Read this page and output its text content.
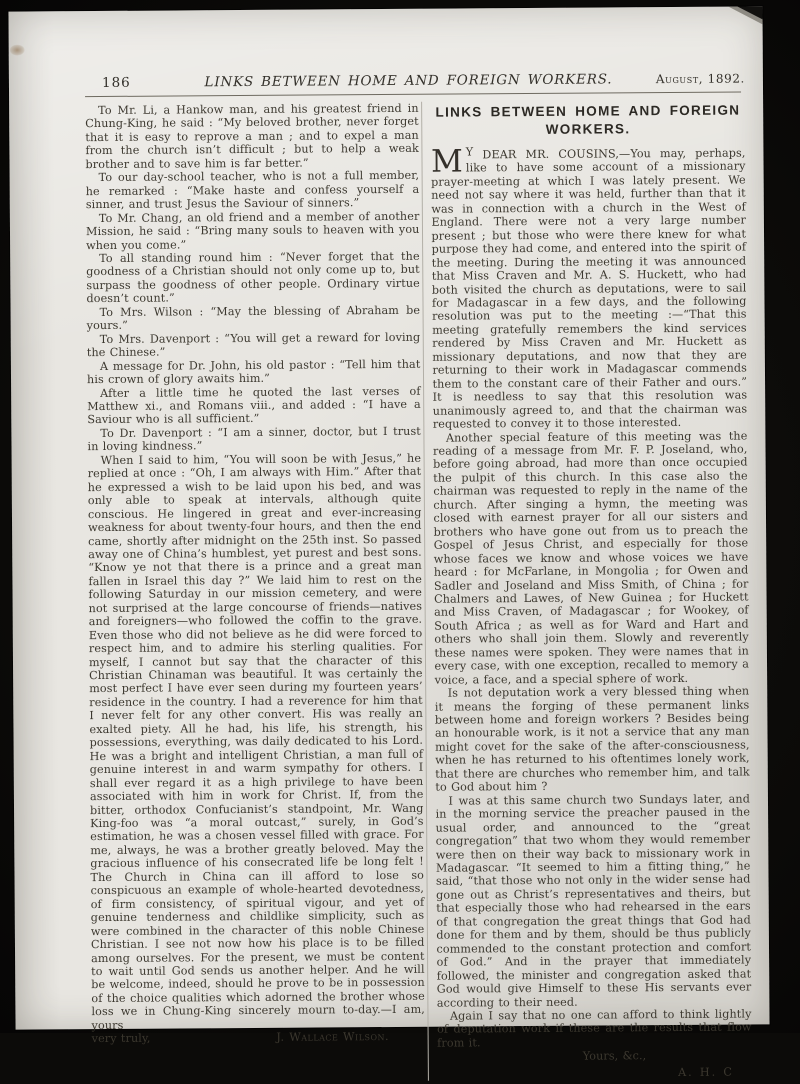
186	LINKS BETWEEN HOME AND FOREIGN WORKERS.	August, 1892.

To Mr. Li, a Hankow man, and his greatest friend in Chung-King, he said : “My beloved brother, never forget that it is easy to reprove a man ; and to expel a man from the church isn’t difficult ; but to help a weak brother and to save him is far better.”

To our day-school teacher, who is not a full member, he remarked : “Make haste and confess yourself a sinner, and trust Jesus the Saviour of sinners.”

To Mr. Chang, an old friend and a member of another Mission, he said : “Bring many souls to heaven with you when you come.”

To all standing round him : “Never forget that the goodness of a Christian should not only come up to, but surpass the goodness of other people. Ordinary virtue doesn’t count.”

To Mrs. Wilson : “May the blessing of Abraham be yours.”

To Mrs. Davenport : “You will get a reward for loving the Chinese.”

A message for Dr. John, his old pastor : “Tell him that his crown of glory awaits him.”

After a little time he quoted the last verses of Matthew xi., and Romans viii., and added : “I have a Saviour who is all sufficient.”

To Dr. Davenport : “I am a sinner, doctor, but I trust in loving kindness.”

When I said to him, “You will soon be with Jesus,” he replied at once : “Oh, I am always with Him.” After that he expressed a wish to be laid upon his bed, and was only able to speak at intervals, although quite conscious. He lingered in great and ever-increasing weakness for about twenty-four hours, and then the end came, shortly after midnight on the 25th inst. So passed away one of China’s humblest, yet purest and best sons. “Know ye not that there is a prince and a great man fallen in Israel this day ?” We laid him to rest on the following Saturday in our mission cemetery, and were not surprised at the large concourse of friends—natives and foreigners—who followed the coffin to the grave. Even those who did not believe as he did were forced to respect him, and to admire his sterling qualities. For myself, I cannot but say that the character of this Christian Chinaman was beautiful. It was certainly the most perfect I have ever seen during my fourteen years’ residence in the country. I had a reverence for him that I never felt for any other convert. His was really an exalted piety. All he had, his life, his strength, his possessions, everything, was daily dedicated to his Lord. He was a bright and intelligent Christian, a man full of genuine interest in and warm sympathy for others. I shall ever regard it as a high privilege to have been associated with him in work for Christ. If, from the bitter, orthodox Confucianist’s standpoint, Mr. Wang King-foo was “a moral outcast,” surely, in God’s estimation, he was a chosen vessel filled with grace. For me, always, he was a brother greatly beloved. May the gracious influence of his consecrated life be long felt ! The Church in China can ill afford to lose so conspicuous an example of whole-hearted devotedness, of firm consistency, of spiritual vigour, and yet of genuine tenderness and childlike simplicity, such as were combined in the character of this noble Chinese Christian. I see not now how his place is to be filled among ourselves. For the present, we must be content to wait until God sends us another helper. And he will be welcome, indeed, should he prove to be in possession of the choice qualities which adorned the brother whose loss we in Chung-King sincerely mourn to-day.—I am, yours

very truly,	J. Wallace Wilson.
LINKS BETWEEN HOME AND FOREIGN WORKERS.

M Y DEAR MR. COUSINS,—You may, perhaps, like to have some account of a missionary prayer-meeting at which I was lately present. We need not say where it was held, further than that it was in connection with a church in the West of England. There were not a very large number present ; but those who were there knew for what purpose they had come, and entered into the spirit of the meeting. During the meeting it was announced that Miss Craven and Mr. A. S. Huckett, who had both visited the church as deputations, were to sail for Madagascar in a few days, and the following resolution was put to the meeting :—“That this meeting gratefully remembers the kind services rendered by Miss Craven and Mr. Huckett as missionary deputations, and now that they are returning to their work in Madagascar commends them to the constant care of their Father and ours.” It is needless to say that this resolution was unanimously agreed to, and that the chairman was requested to convey it to those interested.

Another special feature of this meeting was the reading of a message from Mr. F. P. Joseland, who, before going abroad, had more than once occupied the pulpit of this church. In this case also the chairman was requested to reply in the name of the church. After singing a hymn, the meeting was closed with earnest prayer for all our sisters and brothers who have gone out from us to preach the Gospel of Jesus Christ, and especially for those whose faces we know and whose voices we have heard : for McFarlane, in Mongolia ; for Owen and Sadler and Joseland and Miss Smith, of China ; for Chalmers and Lawes, of New Guinea ; for Huckett and Miss Craven, of Madagascar ; for Wookey, of South Africa ; as well as for Ward and Hart and others who shall join them. Slowly and reverently these names were spoken. They were names that in every case, with one exception, recalled to memory a voice, a face, and a special sphere of work.

Is not deputation work a very blessed thing when it means the forging of these permanent links between home and foreign workers ? Besides being an honourable work, is it not a service that any man might covet for the sake of the after-consciousness, when he has returned to his oftentimes lonely work, that there are churches who remember him, and talk to God about him ?

I was at this same church two Sundays later, and in the morning service the preacher paused in the usual order, and announced to the “great congregation” that two whom they would remember were then on their way back to missionary work in Madagascar. “It seemed to him a fitting thing,” he said, “that those who not only in the wider sense had gone out as Christ’s representatives and theirs, but that especially those who had rehearsed in the ears of that congregation the great things that God had done for them and by them, should be thus publicly commended to the constant protection and comfort of God.” And in the prayer that immediately followed, the minister and congregation asked that God would give Himself to these His servants ever according to their need.

Again I say that no one can afford to think lightly of deputation work if these are the results that flow from it.

Yours, &c.,
A. H. C
